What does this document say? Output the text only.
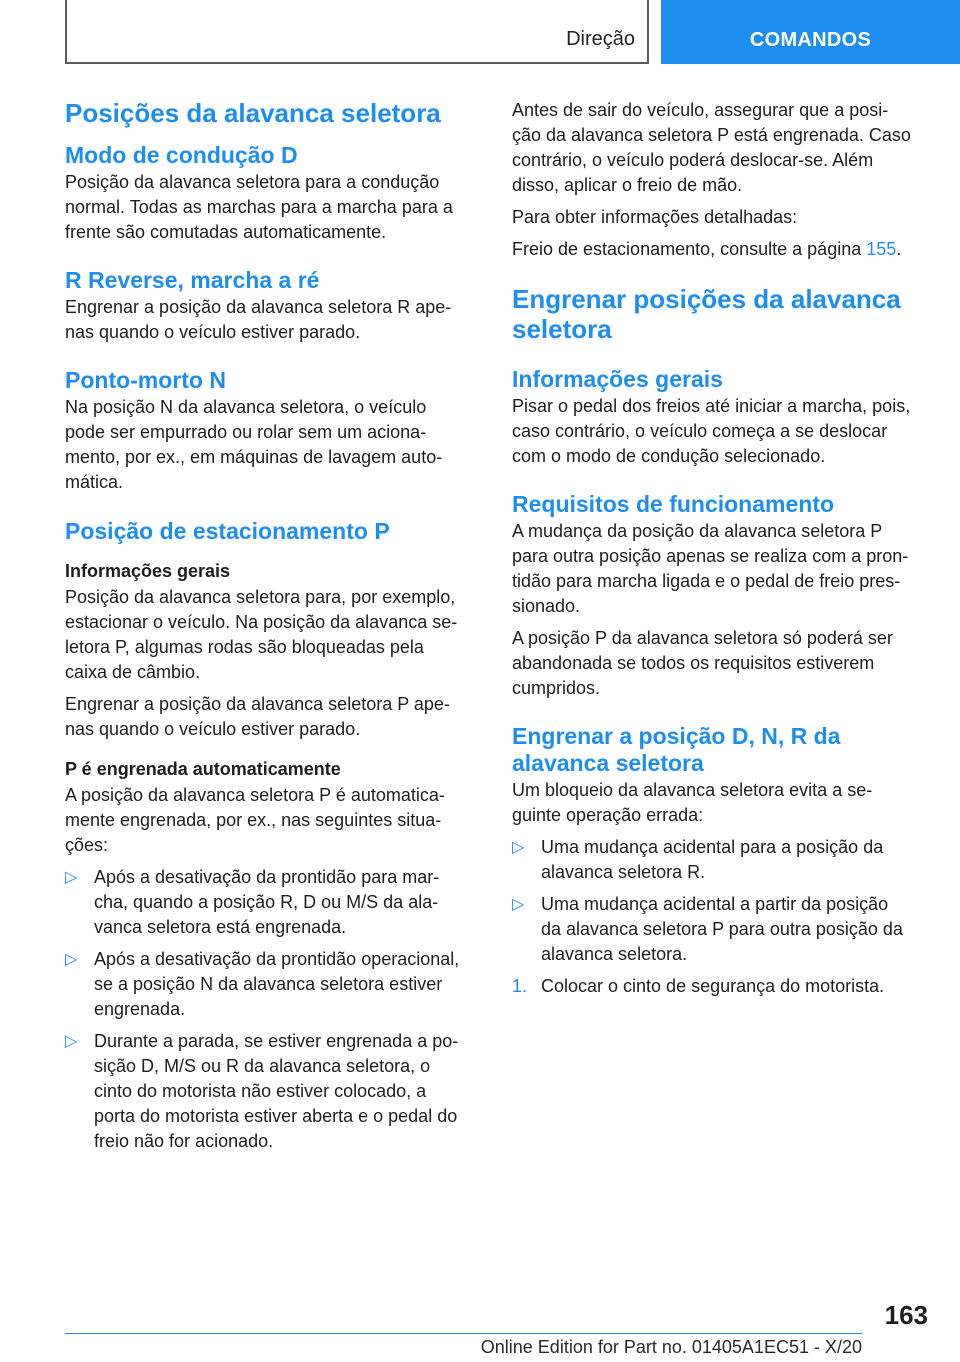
Direção	COMANDOS
Posições da alavanca seletora
Modo de condução D
Posição da alavanca seletora para a condução
normal. Todas as marchas para a marcha para a
frente são comutadas automaticamente.
R Reverse, marcha a ré
Engrenar a posição da alavanca seletora R ape‐
nas quando o veículo estiver parado.
Ponto-morto N
Na posição N da alavanca seletora, o veículo
pode ser empurrado ou rolar sem um aciona‐
mento, por ex., em máquinas de lavagem auto‐
mática.
Posição de estacionamento P
Informações gerais
Posição da alavanca seletora para, por exemplo,
estacionar o veículo. Na posição da alavanca se‐
letora P, algumas rodas são bloqueadas pela
caixa de câmbio.
Engrenar a posição da alavanca seletora P ape‐
nas quando o veículo estiver parado.
P é engrenada automaticamente
A posição da alavanca seletora P é automatica‐
mente engrenada, por ex., nas seguintes situa‐
ções:
▷ Após a desativação da prontidão para mar‐
cha, quando a posição R, D ou M/S da ala‐
vanca seletora está engrenada.
▷ Após a desativação da prontidão operacional,
se a posição N da alavanca seletora estiver
engrenada.
▷ Durante a parada, se estiver engrenada a po‐
sição D, M/S ou R da alavanca seletora, o
cinto do motorista não estiver colocado, a
porta do motorista estiver aberta e o pedal do
freio não for acionado.
Antes de sair do veículo, assegurar que a posi‐
ção da alavanca seletora P está engrenada. Caso
contrário, o veículo poderá deslocar-se. Além
disso, aplicar o freio de mão.
Para obter informações detalhadas:
Freio de estacionamento, consulte a página 155.
Engrenar posições da alavanca
seletora
Informações gerais
Pisar o pedal dos freios até iniciar a marcha, pois,
caso contrário, o veículo começa a se deslocar
com o modo de condução selecionado.
Requisitos de funcionamento
A mudança da posição da alavanca seletora P
para outra posição apenas se realiza com a pron‐
tidão para marcha ligada e o pedal de freio pres‐
sionado.
A posição P da alavanca seletora só poderá ser
abandonada se todos os requisitos estiverem
cumpridos.
Engrenar a posição D, N, R da
alavanca seletora
Um bloqueio da alavanca seletora evita a se‐
guinte operação errada:
▷ Uma mudança acidental para a posição da
alavanca seletora R.
▷ Uma mudança acidental a partir da posição
da alavanca seletora P para outra posição da
alavanca seletora.
1. Colocar o cinto de segurança do motorista.
163
Online Edition for Part no. 01405A1EC51 - X/20
